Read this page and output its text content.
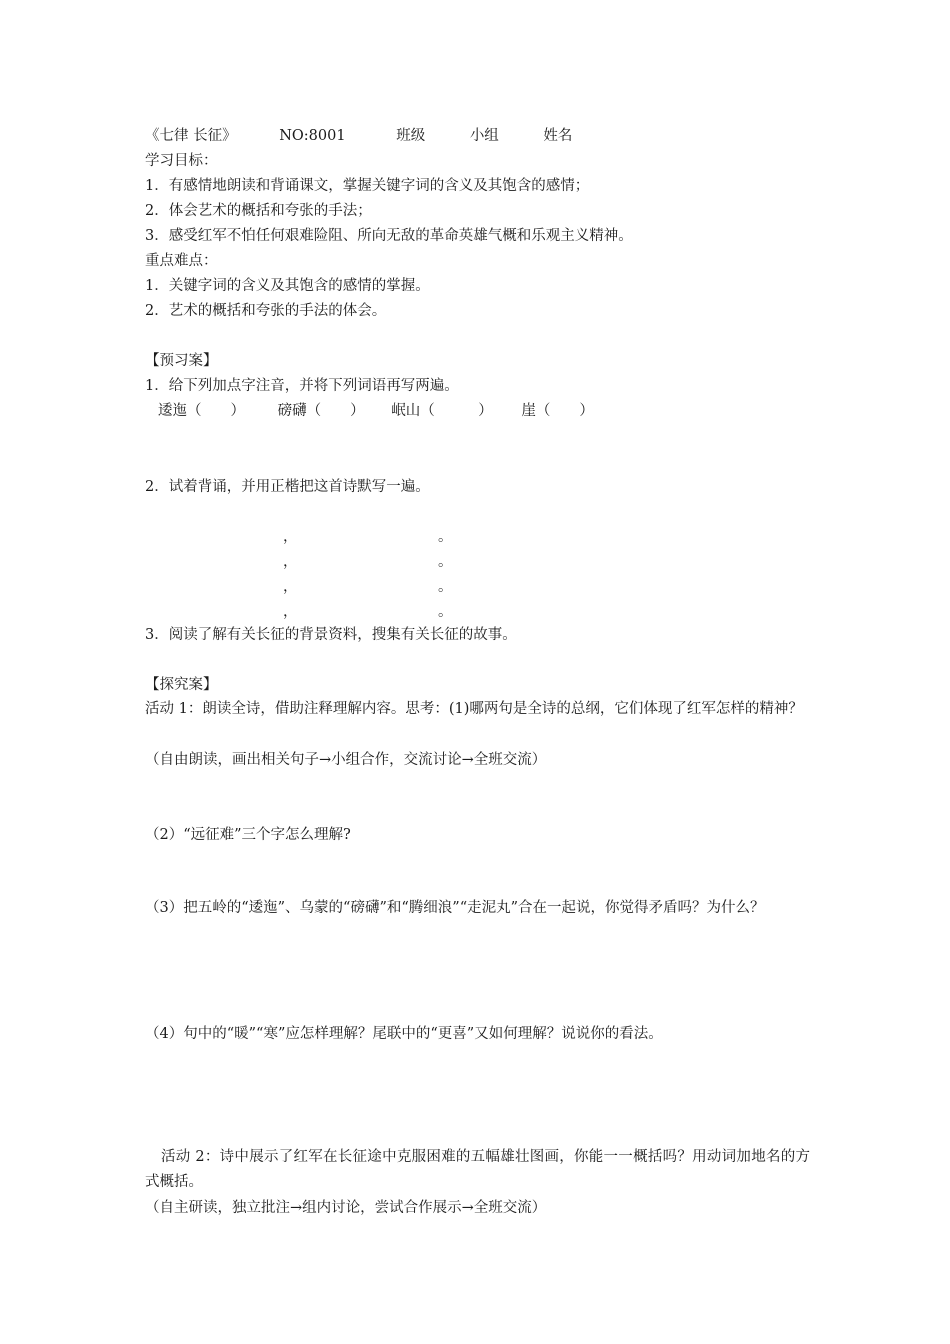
《七律 长征》	NO:8001	班级	小组	姓名
学习目标：
1．有感情地朗读和背诵课文，掌握关键字词的含义及其饱含的感情；
2．体会艺术的概括和夸张的手法；
3．感受红军不怕任何艰难险阻、所向无敌的革命英雄气概和乐观主义精神。
重点难点：
1．关键字词的含义及其饱含的感情的掌握。
2．艺术的概括和夸张的手法的体会。
【预习案】
1．给下列加点字注音，并将下列词语再写两遍。
逶迤（　　） 磅礴（　　） 岷山（　　　） 崖（　　）
2．试着背诵，并用正楷把这首诗默写一遍。
，	。
，	。
，	。
，	。
3．阅读了解有关长征的背景资料，搜集有关长征的故事。
【探究案】
活动 1：朗读全诗，借助注释理解内容。思考：(1)哪两句是全诗的总纲，它们体现了红军怎样的精神？
（自由朗读，画出相关句子→小组合作，交流讨论→全班交流）
（2）“远征难”三个字怎么理解?
（3）把五岭的“逶迤”、乌蒙的“磅礴”和“腾细浪”“走泥丸”合在一起说，你觉得矛盾吗？为什么？
（4）句中的“暖”“寒”应怎样理解？尾联中的“更喜”又如何理解？说说你的看法。
活动 2：诗中展示了红军在长征途中克服困难的五幅雄壮图画，你能一一概括吗？用动词加地名的方式概括。
（自主研读，独立批注→组内讨论，尝试合作展示→全班交流）
